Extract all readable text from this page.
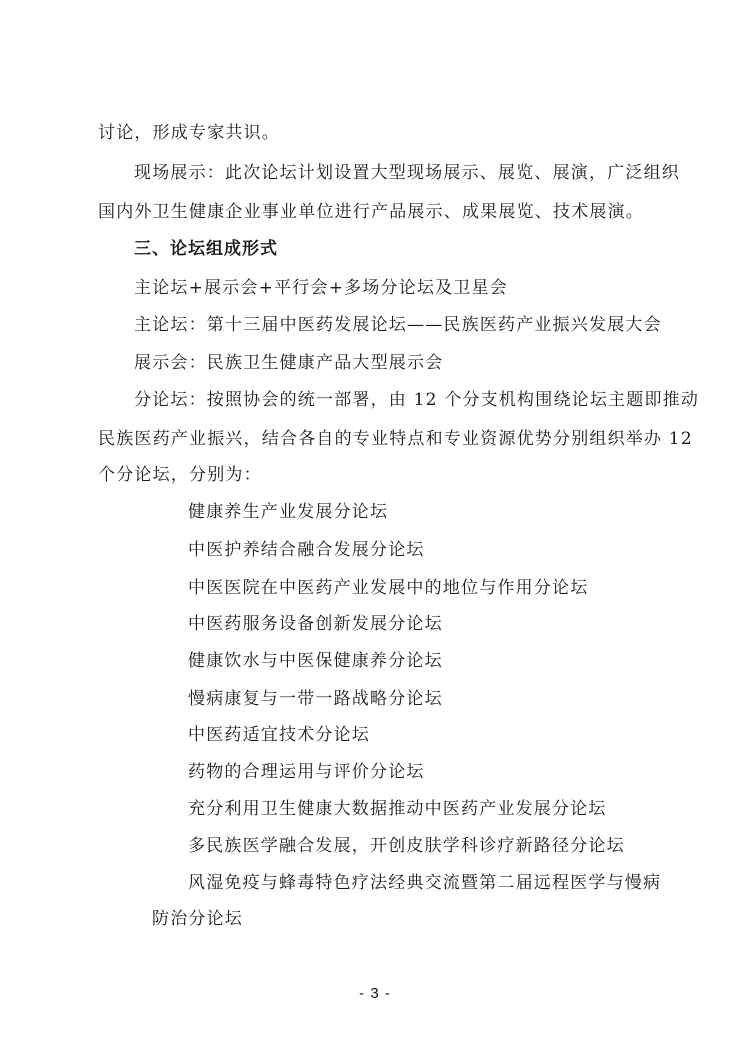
讨论，形成专家共识。
现场展示：此次论坛计划设置大型现场展示、展览、展演，广泛组织
国内外卫生健康企业事业单位进行产品展示、成果展览、技术展演。
三、论坛组成形式
主论坛+展示会+平行会+多场分论坛及卫星会
主论坛：第十三届中医药发展论坛——民族医药产业振兴发展大会
展示会：民族卫生健康产品大型展示会
分论坛：按照协会的统一部署，由 12 个分支机构围绕论坛主题即推动
民族医药产业振兴，结合各自的专业特点和专业资源优势分别组织举办 12
个分论坛，分别为：
健康养生产业发展分论坛
中医护养结合融合发展分论坛
中医医院在中医药产业发展中的地位与作用分论坛
中医药服务设备创新发展分论坛
健康饮水与中医保健康养分论坛
慢病康复与一带一路战略分论坛
中医药适宜技术分论坛
药物的合理运用与评价分论坛
充分利用卫生健康大数据推动中医药产业发展分论坛
多民族医学融合发展，开创皮肤学科诊疗新路径分论坛
风湿免疫与蜂毒特色疗法经典交流暨第二届远程医学与慢病
防治分论坛
- 3 -
